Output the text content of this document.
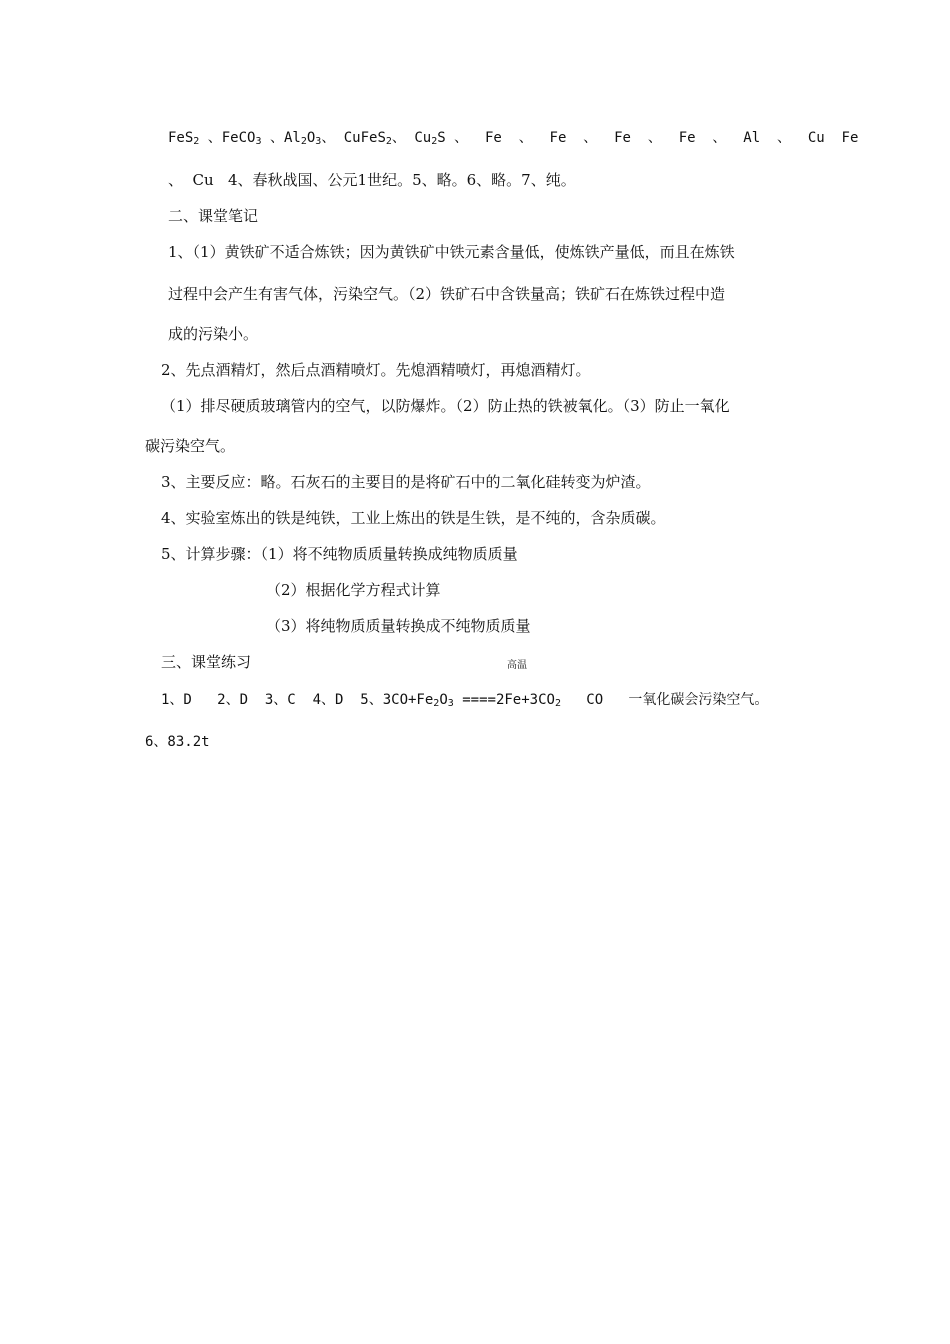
FeS$_2$ 、FeCO$_3$ 、$Al_2O_3$、 CuFeS$_2$、 $Cu_2S$ 、  Fe  、  Fe  、  Fe  、  Fe  、  Al  、  Cu  Fe
、  Cu   4、春秋战国、公元1世纪。5、略。6、略。7、纯。
二、课堂笔记
1、（1）黄铁矿不适合炼铁；因为黄铁矿中铁元素含量低，使炼铁产量低，而且在炼铁
过程中会产生有害气体，污染空气。（2）铁矿石中含铁量高；铁矿石在炼铁过程中造
成的污染小。
2、先点酒精灯，然后点酒精喷灯。先熄酒精喷灯，再熄酒精灯。
（1）排尽硬质玻璃管内的空气，以防爆炸。（2）防止热的铁被氧化。（3）防止一氧化
碳污染空气。
3、主要反应：略。石灰石的主要目的是将矿石中的二氧化硅转变为炉渣。
4、实验室炼出的铁是纯铁，工业上炼出的铁是生铁，是不纯的，含杂质碳。
5、计算步骤：（1）将不纯物质质量转换成纯物质质量
（2）根据化学方程式计算
（3）将纯物质质量转换成不纯物质质量
三、课堂练习	高温
1、D   2、D  3、C  4、D  5、$3CO+Fe_2O_3 ====2Fe+3CO_2$   CO   一氧化碳会污染空气。
6、83.2t
